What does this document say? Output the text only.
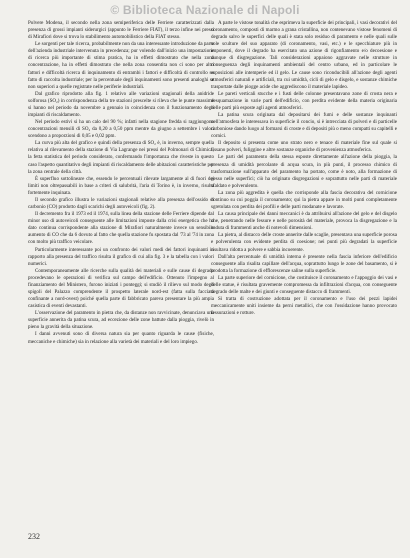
© Biblioteca Nazionale di Napoli

Polvere Modena, il secondo nella zona semiperiferica delle Ferriere caratterizzati dalla presenza di grossi impianti siderurgici (appunto le Ferriere FIAT), il terzo infine nei pressi di Mirafiori dove si trova lo stabilimento automobilistico della FIAT stesso.

Le sorgenti per tale ricerca, probabilmente non da una interessante introduzione da parte dell'azienda industriale intervenuta in precedenza; pur volendo dall'inizio una impostazione di ricerca più importante di stima pratica, ha in effetti dimostrato che nella zona concentrazione, ha in effetti dimostrato che nella zona consentita non ci sono per altri fattori e difficoltà ricerca di inquinamento di entrambi i fattori e difficoltà di controllo su fatto di raccolta industriale; per la percentuale degli inquinamenti sono presenti analoghi se non superiori a quelle registrate nelle periferie industriali.

Dal grafico riprodotto alla fig. 1 relativo alle variazioni stagionali della anidride solforosa (SO₂) in corrispondenza della tre stazioni prescelte si rileva che le punte massime si hanno nel periodo da novembre a gennaio in coincidenza con il funzionamento degli impianti di riscaldamento.

Nel periodo estivi si ha un calo del 90 %; infatti nella stagione fredda si raggiungono concentrazioni mensili di SO₂ da 0,20 a 0,50 ppm mentre da giugno a settembre i valori scendono a proporzioni di 0,05 e 0,02 ppm.

La curva più alta del grafico e quindi della presenza di SO₂ è, in inverno, sempre quella relativa al rilevamento della stazione di Via Lagrange nei pressi del Polmonari di Chimica; la fetta statistica del periodo considerato, confermando l'importanza che riveste in questo caso l'aspetto quantitativo degli impianti di riscaldamento delle abitazioni caratteristiche per la zona centrale della città.

È superfluo sottolineare che, essendo le percentuali rilevate largamente al di fuori dei limiti non oltrepassabili in base a criteri di salubrità, l'aria di Torino è, in inverno, risulta fortemente inquinata.

Il secondo grafico illustra le variazioni stagionali relative alla presenza dell'ossido di carbonio (CO) prodotto dagli scarichi degli autoveicoli (fig. 2).

Il decremento fra il 1973 ed il 1974, sulla linea della stazione delle Ferriere dipende dal minor uso di autoveicoli conseguente alle limitazioni imposte dalla crisi energetica che ha dato continua corrispondente alla stazione di Mirafiori naturalmente invece un sensibile aumento di CO che da 6 dovuto al fatto che quella stazione fu spostata dal '73 al '74 in zona con molto più traffico veicolare.

Particolarmente interessante poi un confronto dei valori medi dei fattori inquinanti in rapporto alla presenza del traffico risulta il grafico di cui alla fig. 3 e la tabella con i valori numerici.

Contemporaneamente alle ricerche sulla qualità dei materiali e sulle cause di degrado procedevano le operazioni di verifica sul campo dell'edificio. Ottenuto l'impegno al finanziamento del Ministero, furono iniziati i ponteggi; si studiò il rilievo sul modo degli spigoli del Palazzo comprendente il prospetto laterale nord-est (fatta sulla facciata confinante a nord-ovest) poiché quella parte di fabbricato pareva presentare la più ampia casistica di eventi devastanti.

L'osservazione del paramento in pietra che, da distanze non ravvicinate, denunciava una superficie annerita da patina scura, ad eccezione delle zone battute dalla pioggia, rivelò in pieno la gravità della situazione.

I danni avvenuti sono di diversa natura sia per quanto riguarda le cause (fisiche, meccaniche e chimiche) sia in relazione alla varietà dei materiali e del loro impiego.

A parte le vistose tonalità che esprimeva la superficie dei principali, i vasi decorativi del coronamento, composti di marmo a grana cristallina, non contenevano vistose fenomeni di degrado salvo le superfici delle quali è stata solo residuo di paramento e nelle quali sulle sole sculture del suo apparato (di coronamento, vasi, etc.) e le specchiature più in imponenti, dove il degrado ha esercitato una azione di rigonfiamento e/o decoesione e dunque di disgregazione. Tali considerazioni appaiono aggravate nelle strutture in conseguenza degli inquinamenti ambientali del centro urbano, ed in particolare le esposizioni alle intemperie ed il gelo. Le cause sono riconducibili all'azione degli agenti atmosferici naturali e artificiali, tra cui umidità, cicli di gelo e disgelo, e sostanze chimiche trasportate dalle piogge acide che aggrediscono il materiale lapideo.

Le pareti verticali stucche e i fusti delle colonne presentavano zone di crosta nera e desquamazione in varie parti dell'edificio, con perdita evidente della materia originaria nelle parti più esposte agli agenti atmosferici.

La patina scura originata dal depositarsi dei fumi e delle sostanze inquinanti nell'atmosfera le interessava in superficie il concio, si è intrecciata di polveri e di particelle carboniose dando luogo al formarsi di croste e di depositi più o meno compatti su capitelli e cornici.

Il deposito si presenta come uno strato nero e tenace di materiale fine sul quale si fissano polveri, fuliggine e altre sostanze organiche di provenienza atmosferica.

Le parti del paramento della stessa esposte direttamente all'azione della pioggia, la presenza di umidità percolante di acqua scura, in più punti, il processo chimico di trasformazione sull'apparato del paramento ha portato, come è noto, alla formazione di gesso nelle superfici; ciò ha originato disgregazioni e soprattutto nelle parti di materiale sfaldato e polverulento.

La zona più aggredita è quella che corrisponde alla fascia decorativa del cornicione continuo su cui poggia il coronamento; qui la pietra appare in molti punti completamente sgretolata con perdita dei profili e delle parti modanate e lavorate.

La causa principale dei danni meccanici è da attribuirsi all'azione del gelo e del disgelo che, penetrando nelle fessure e nelle porosità del materiale, provoca la disgregazione e la caduta di frammenti anche di notevoli dimensioni.

La pietra, al distacco delle croste annerite dalle scaglie, presentava una superficie porosa e polverulenta con evidente perdita di coesione; nei punti più degradati la superficie risultava ridotta a polvere e sabbia incoerente.

Dall'alta percentuale di umidità interna è presente nella fascia inferiore dell'edificio conseguente alla risalita capillare dell'acqua, soprattutto lungo le zone del basamento, si è prodotta la formazione di efflorescenze saline sulla superficie.

La parte superiore del cornicione, che costituisce il coronamento e l'appoggio dei vasi e delle statue, è risultata gravemente compromessa da infiltrazioni d'acqua, con conseguente degrado delle malte e dei giunti e conseguente distacco di frammenti.

Si tratta di costruzione adottata per il coronamento e l'uso dei pezzi lapidei meccanicamente uniti insieme da perni metallici, che con l'ossidazione hanno provocato fessurazioni e rotture.

232
